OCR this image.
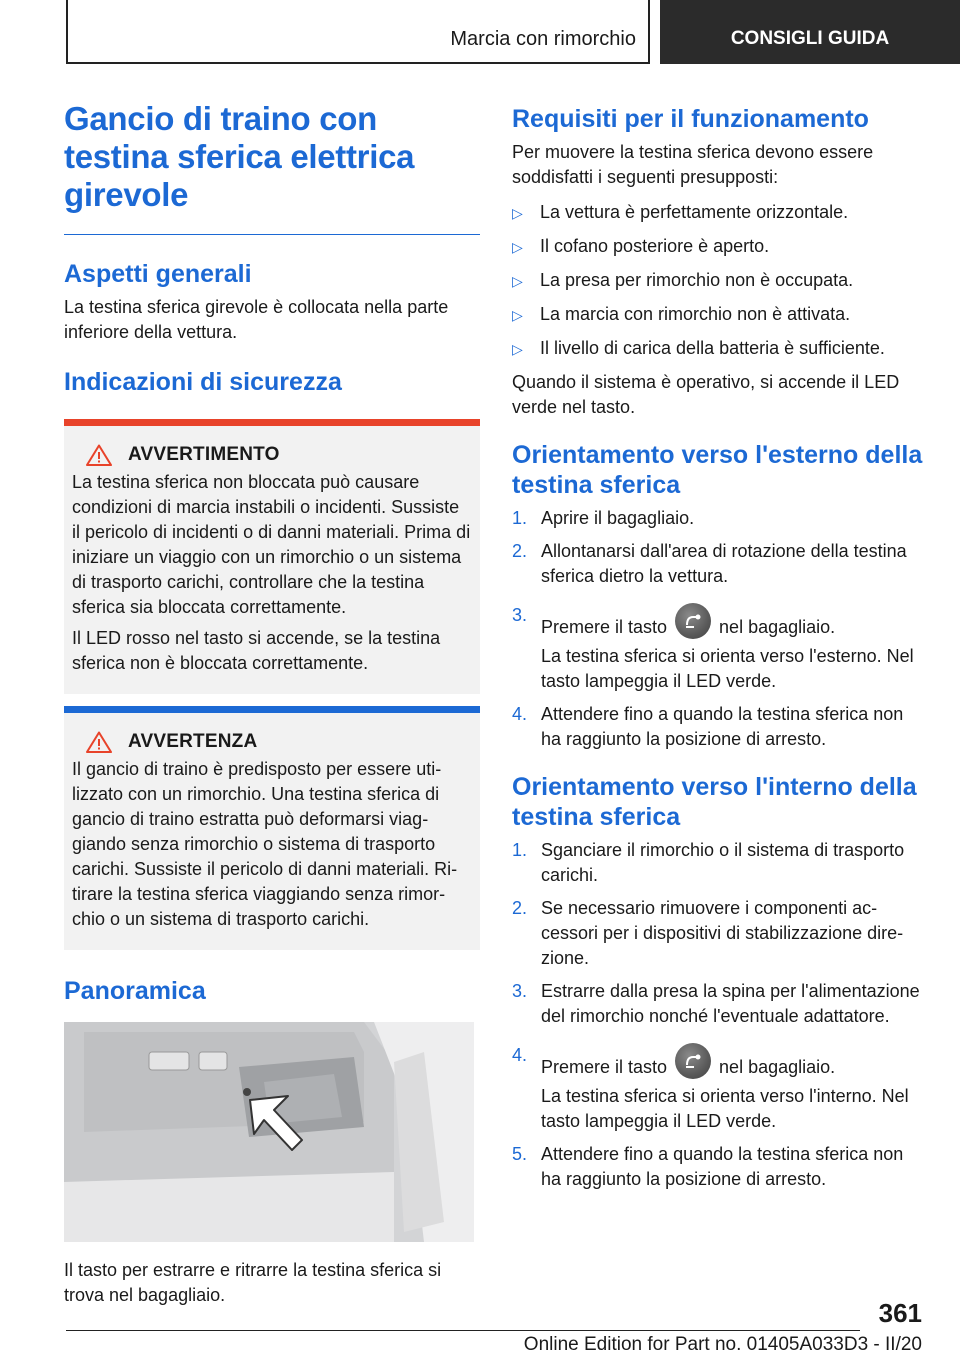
Marcia con rimorchio	CONSIGLI GUIDA
Gancio di traino con testina sferica elettrica girevole
Aspetti generali

La testina sferica girevole è collocata nella parte inferiore della vettura.

Indicazioni di sicurezza
AVVERTIMENTO

La testina sferica non bloccata può causare condizioni di marcia instabili o incidenti. Sussiste il pericolo di incidenti o di danni materiali. Prima di iniziare un viaggio con un rimorchio o un sistema di trasporto carichi, controllare che la testina sferica sia bloccata correttamente.

Il LED rosso nel tasto si accende, se la testina sferica non è bloccata correttamente.

AVVERTENZA

Il gancio di traino è predisposto per essere utilizzato con un rimorchio. Una testina sferica di gancio di traino estratta può deformarsi viaggiando senza rimorchio o sistema di trasporto carichi. Sussiste il pericolo di danni materiali. Ritirare la testina sferica viaggiando senza rimorchio o un sistema di trasporto carichi.

Panoramica

Il tasto per estrarre e ritrarre la testina sferica si trova nel bagagliaio.

Requisiti per il funzionamento

Per muovere la testina sferica devono essere soddisfatti i seguenti presupposti:

▷ La vettura è perfettamente orizzontale.
▷ Il cofano posteriore è aperto.
▷ La presa per rimorchio non è occupata.
▷ La marcia con rimorchio non è attivata.
▷ Il livello di carica della batteria è sufficiente.

Quando il sistema è operativo, si accende il LED verde nel tasto.

Orientamento verso l'esterno della testina sferica
1. Aprire il bagagliaio.
2. Allontanarsi dall'area di rotazione della testina sferica dietro la vettura.
3.
Premere il tasto	nel bagagliaio.
La testina sferica si orienta verso l'esterno. Nel tasto lampeggia il LED verde.
4. Attendere fino a quando la testina sferica non ha raggiunto la posizione di arresto.
Orientamento verso l'interno della testina sferica
1. Sganciare il rimorchio o il sistema di trasporto carichi.
2. Se necessario rimuovere i componenti accessori per i dispositivi di stabilizzazione direzione.
3. Estrarre dalla presa la spina per l'alimentazione del rimorchio nonché l'eventuale adattatore.
4.
Premere il tasto	nel bagagliaio.
La testina sferica si orienta verso l'interno. Nel tasto lampeggia il LED verde.
5. Attendere fino a quando la testina sferica non ha raggiunto la posizione di arresto.
361
Online Edition for Part no. 01405A033D3 - II/20
